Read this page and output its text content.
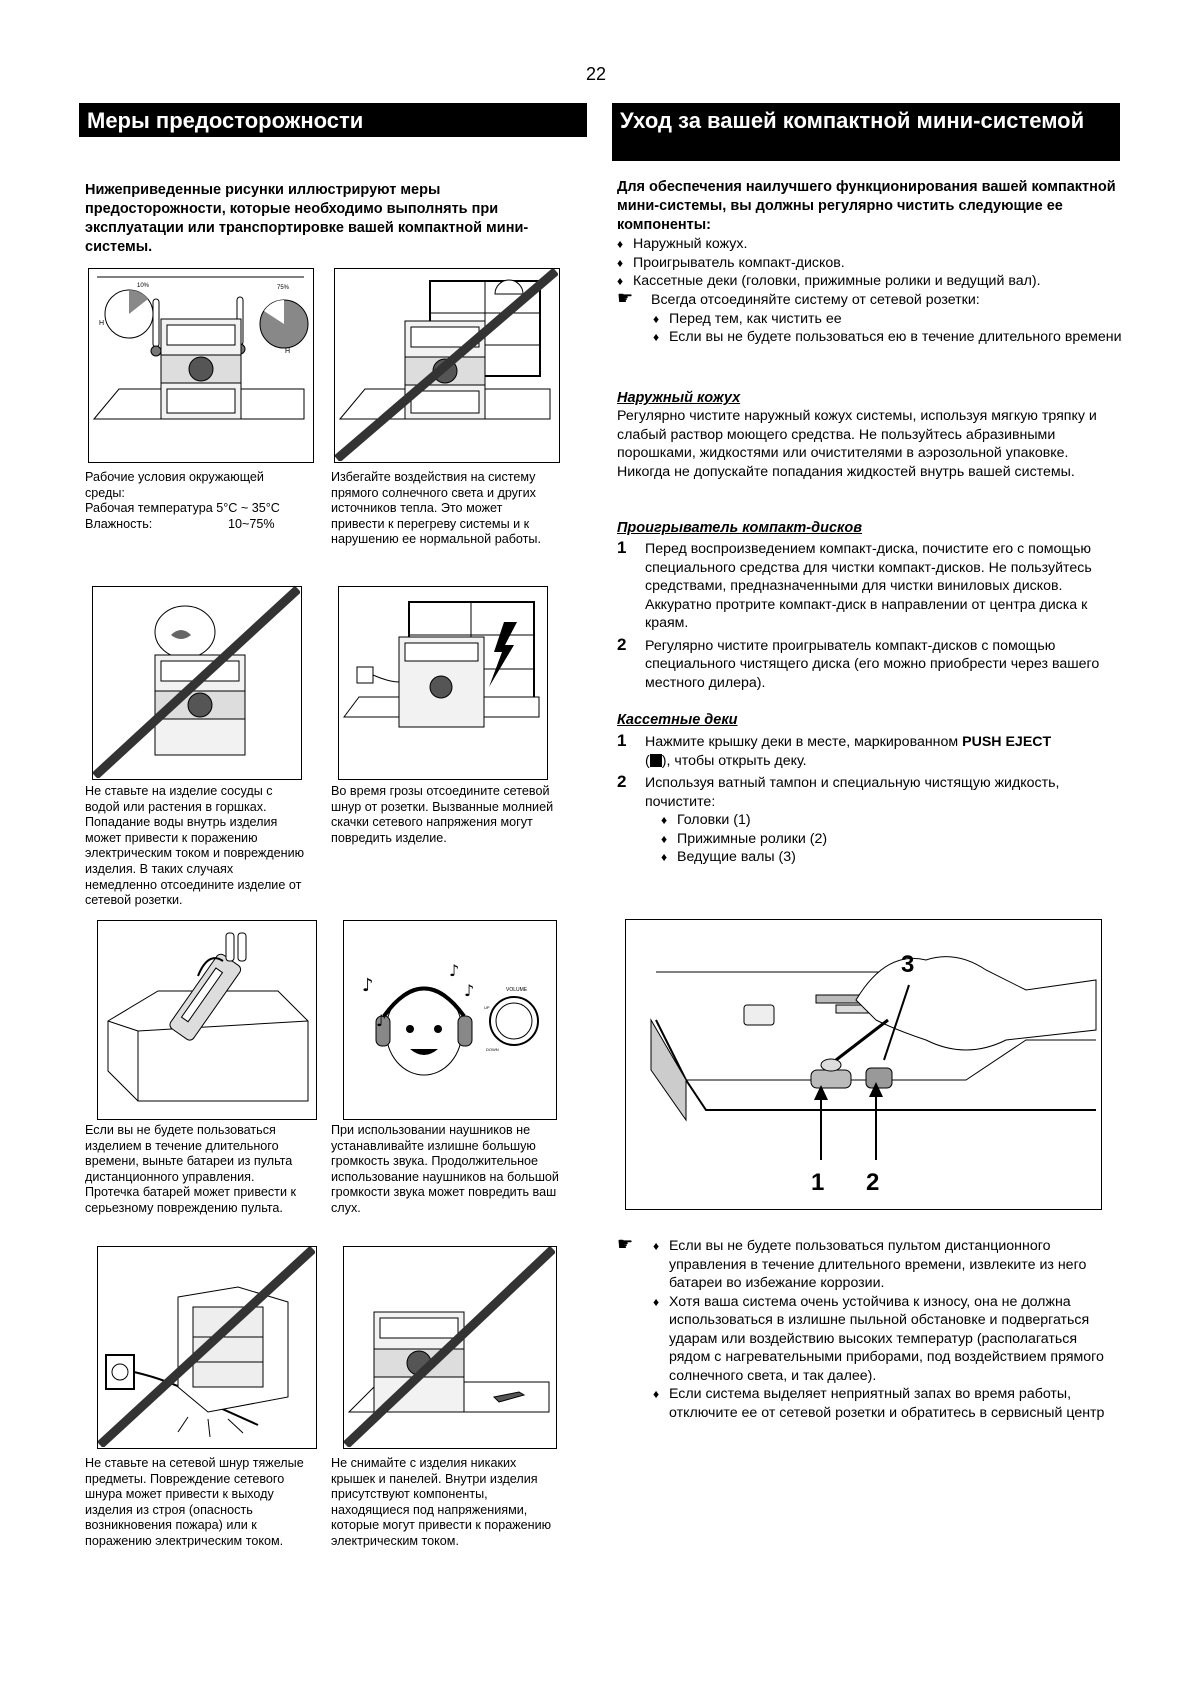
22
Меры предосторожности
Нижеприведенные рисунки иллюстрируют меры предосторожности, которые необходимо выполнять при эксплуатации или транспортировке вашей компактной мини-системы.
10%
H
75%
H
Рабочие условия окружающей
среды:
Рабочая температура 5°C ~ 35°C
Влажность:	10~75%
Избегайте воздействия на систему прямого солнечного света и других источников тепла. Это может привести к перегреву системы и к нарушению ее нормальной работы.
Не ставьте на изделие сосуды с водой или растения в горшках. Попадание воды внутрь изделия может привести к поражению электрическим током и повреждению изделия. В таких случаях немедленно отсоедините изделие от сетевой розетки.
Во время грозы отсоедините сетевой шнур от розетки. Вызванные молнией скачки сетевого напряжения могут повредить изделие.
Если вы не будете пользоваться изделием в течение длительного времени, выньте батареи из пульта дистанционного управления.
Протечка батарей может привести к серьезному повреждению пульта.
♪
♪
♪
♪	VOLUME
UP
DOWN
При использовании наушников не устанавливайте излишне большую громкость звука. Продолжительное использование наушников на большой громкости звука может повредить ваш слух.
Не ставьте на сетевой шнур тяжелые предметы. Повреждение сетевого шнура может привести к выходу изделия из строя (опасность возникновения пожара) или к поражению электрическим током.
Не снимайте с изделия никаких крышек и панелей. Внутри изделия присутствуют компоненты, находящиеся под напряжениями, которые могут привести к поражению электрическим током.
Уход за вашей компактной мини-системой
Для обеспечения наилучшего функционирования вашей компактной мини-системы, вы должны регулярно чистить следующие ее компоненты:
♦ Наружный кожух.
♦ Проигрыватель компакт-дисков.
♦ Кассетные деки (головки, прижимные ролики и ведущий вал).
☛ Всегда отсоединяйте систему от сетевой розетки:
♦ Перед тем, как чистить ее
♦ Если вы не будете пользоваться ею в течение длительного времени
Наружный кожух
Регулярно чистите наружный кожух системы, используя мягкую тряпку и слабый раствор моющего средства. Не пользуйтесь абразивными порошками, жидкостями или очистителями в аэрозольной упаковке. Никогда не допускайте попадания жидкостей внутрь вашей системы.
Проигрыватель компакт-дисков
1 Перед воспроизведением компакт-диска, почистите его с помощью специального средства для чистки компакт-дисков. Не пользуйтесь средствами, предназначенными для чистки виниловых дисков. Аккуратно протрите компакт-диск в направлении от центра диска к краям.
2 Регулярно чистите проигрыватель компакт-дисков с помощью специального чистящего диска (его можно приобрести через вашего местного дилера).
Кассетные деки
1 Нажмите крышку деки в месте, маркированном PUSH EJECT
( ), чтобы открыть деку.
2 Используя ватный тампон и специальную чистящую жидкость, почистите:
♦ Головки (1)
♦ Прижимные ролики (2)
♦ Ведущие валы (3)
3
1 2
☛ ♦ Если вы не будете пользоваться пультом дистанционного управления в течение длительного времени, извлеките из него батареи во избежание коррозии.
♦ Хотя ваша система очень устойчива к износу, она не должна использоваться в излишне пыльной обстановке и подвергаться ударам или воздействию высоких температур (располагаться рядом с нагревательными приборами, под воздействием прямого солнечного света, и так далее).
♦ Если система выделяет неприятный запах во время работы, отключите ее от сетевой розетки и обратитесь в сервисный центр
